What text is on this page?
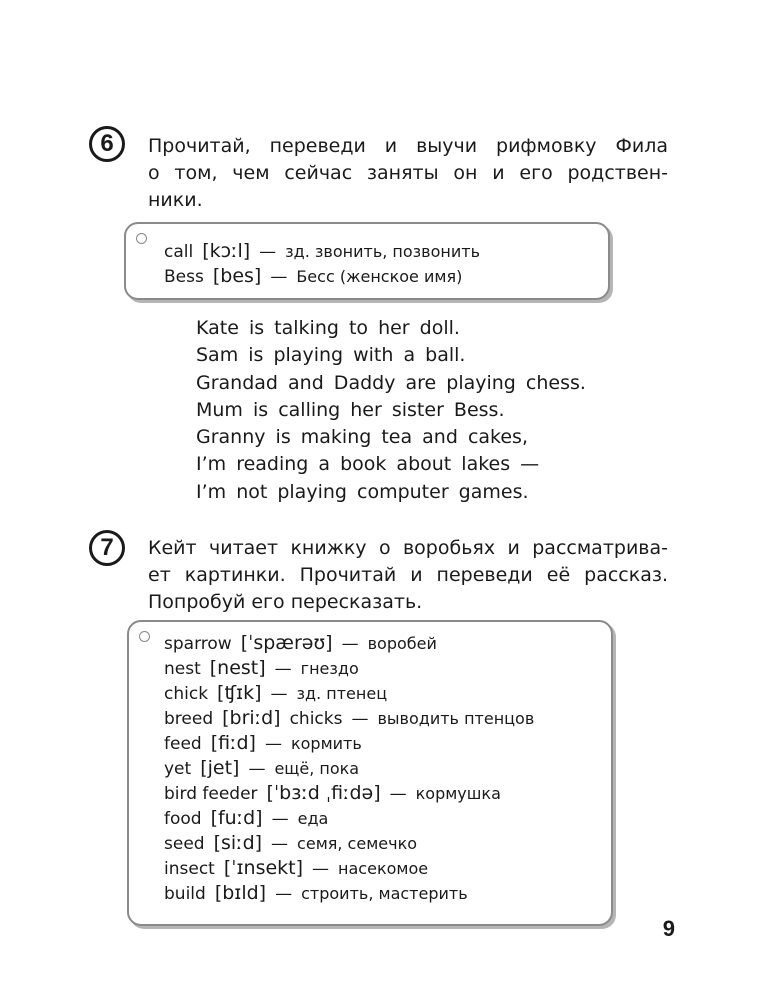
6 Прочитай, переведи и выучи рифмовку Фила
о том, чем сейчас заняты он и его родствен-
ники.

call [kɔːl] — зд. звонить, позвонить
Bess [bes] — Бесс (женское имя)
Kate is talking to her doll.
Sam is playing with a ball.
Grandad and Daddy are playing chess.
Mum is calling her sister Bess.
Granny is making tea and cakes,
I’m reading a book about lakes —
I’m not playing computer games.
7 Кейт читает книжку о воробьях и рассматрива-
ет картинки. Прочитай и переведи её рассказ.
Попробуй его пересказать.

sparrow [ˈspærəʊ] — воробей
nest [nest] — гнездо
chick [ʧɪk] — зд. птенец
breed [briːd] chicks — выводить птенцов
feed [fiːd] — кормить
yet [jet] — ещё, пока
bird feeder [ˈbɜːd ˌfiːdə] — кормушка
food [fuːd] — еда
seed [siːd] — семя, семечко
insect [ˈɪnsekt] — насекомое
build [bɪld] — строить, мастерить
9
